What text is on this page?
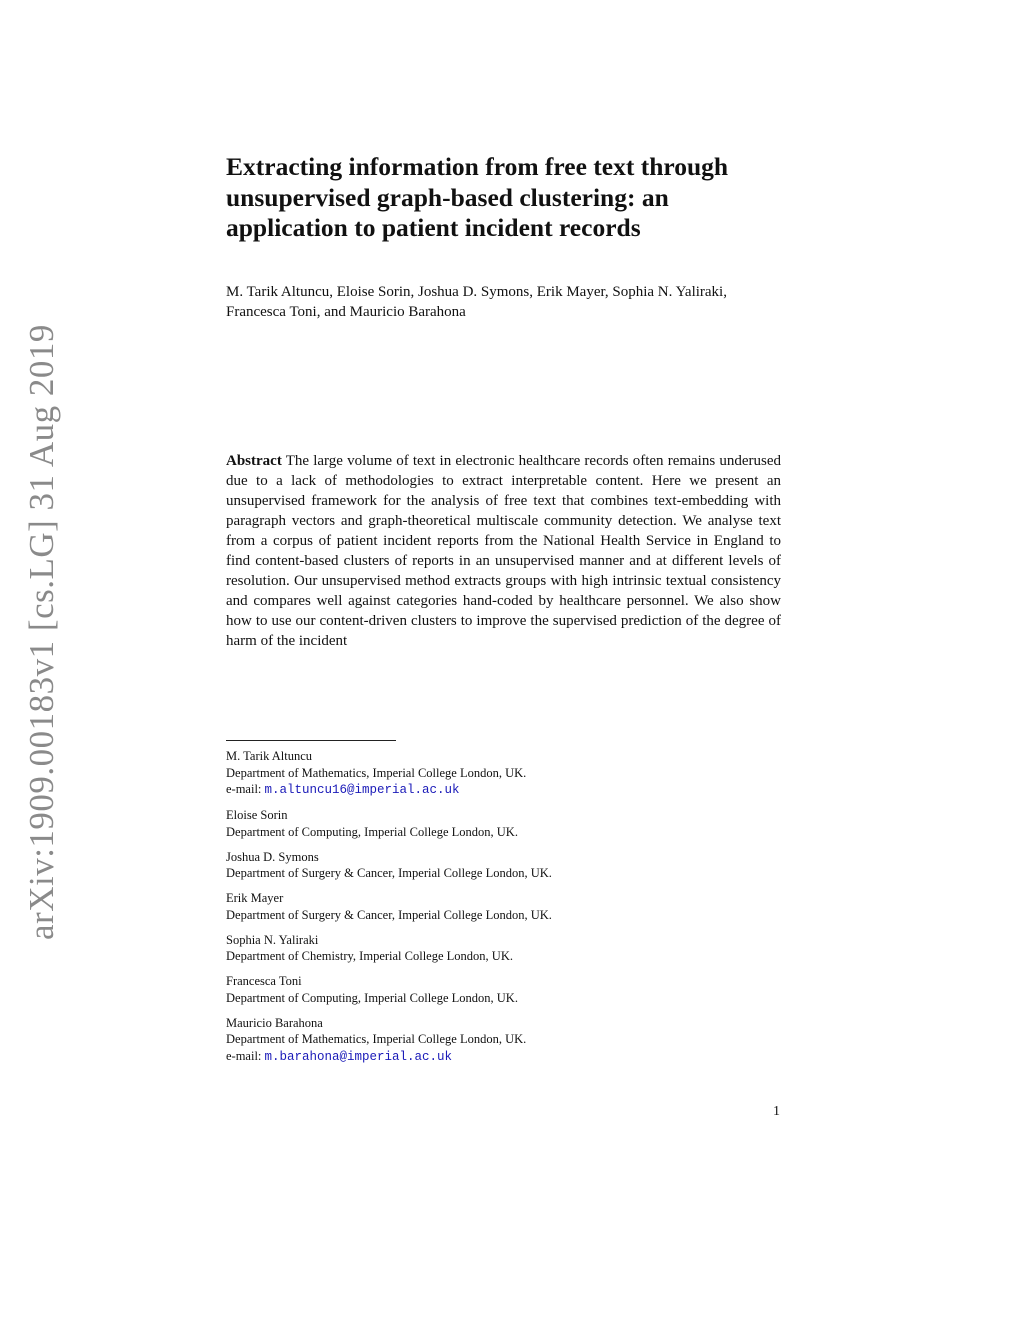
arXiv:1909.00183v1 [cs.LG] 31 Aug 2019
Extracting information from free text through
unsupervised graph-based clustering: an
application to patient incident records
M. Tarik Altuncu, Eloise Sorin, Joshua D. Symons, Erik Mayer, Sophia N. Yaliraki,
Francesca Toni, and Mauricio Barahona
Abstract The large volume of text in electronic healthcare records often remains underused due to a lack of methodologies to extract interpretable content. Here we present an unsupervised framework for the analysis of free text that combines text-embedding with paragraph vectors and graph-theoretical multiscale community detection. We analyse text from a corpus of patient incident reports from the National Health Service in England to find content-based clusters of reports in an unsupervised manner and at different levels of resolution. Our unsupervised method extracts groups with high intrinsic textual consistency and compares well against categories hand-coded by healthcare personnel. We also show how to use our content-driven clusters to improve the supervised prediction of the degree of harm of the incident
M. Tarik Altuncu
Department of Mathematics, Imperial College London, UK.
e-mail: m.altuncu16@imperial.ac.uk
Eloise Sorin
Department of Computing, Imperial College London, UK.
Joshua D. Symons
Department of Surgery & Cancer, Imperial College London, UK.
Erik Mayer
Department of Surgery & Cancer, Imperial College London, UK.
Sophia N. Yaliraki
Department of Chemistry, Imperial College London, UK.
Francesca Toni
Department of Computing, Imperial College London, UK.
Mauricio Barahona
Department of Mathematics, Imperial College London, UK.
e-mail: m.barahona@imperial.ac.uk
1
